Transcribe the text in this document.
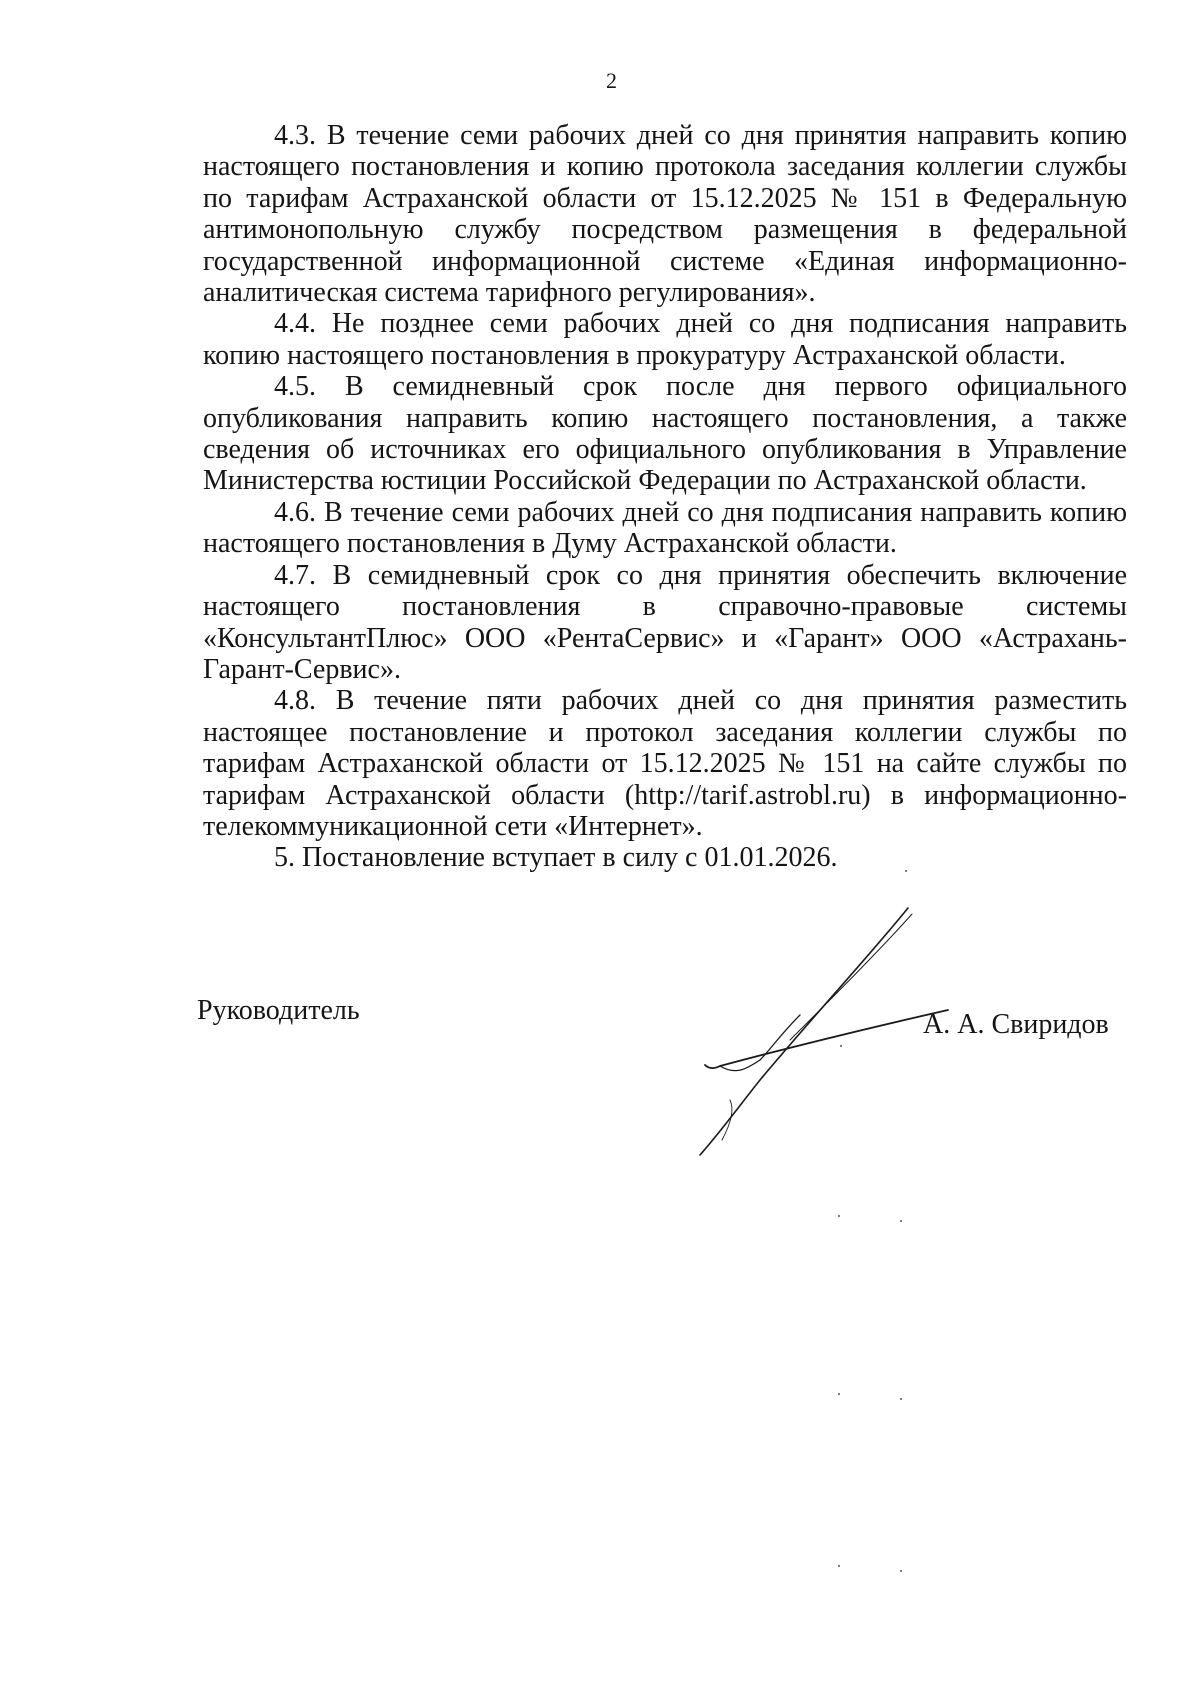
2

4.3. В течение семи рабочих дней со дня принятия направить копию настоящего постановления и копию протокола заседания коллегии службы по тарифам Астраханской области от 15.12.2025 № 151 в Федеральную антимонопольную службу посредством размещения в федеральной государственной информационной системе «Единая информационно-аналитическая система тарифного регулирования».

4.4. Не позднее семи рабочих дней со дня подписания направить копию настоящего постановления в прокуратуру Астраханской области.

4.5. В семидневный срок после дня первого официального опубликования направить копию настоящего постановления, а также сведения об источниках его официального опубликования в Управление Министерства юстиции Российской Федерации по Астраханской области.

4.6. В течение семи рабочих дней со дня подписания направить копию настоящего постановления в Думу Астраханской области.

4.7. В семидневный срок со дня принятия обеспечить включение настоящего постановления в справочно-правовые системы «КонсультантПлюс» ООО «РентаСервис» и «Гарант» ООО «Астрахань-Гарант-Сервис».

4.8. В течение пяти рабочих дней со дня принятия разместить настоящее постановление и протокол заседания коллегии службы по тарифам Астраханской области от 15.12.2025 № 151 на сайте службы по тарифам Астраханской области (http://tarif.astrobl.ru) в информационно-телекоммуникационной сети «Интернет».

5. Постановление вступает в силу с 01.01.2026.

Руководитель	А. А. Свиридов
